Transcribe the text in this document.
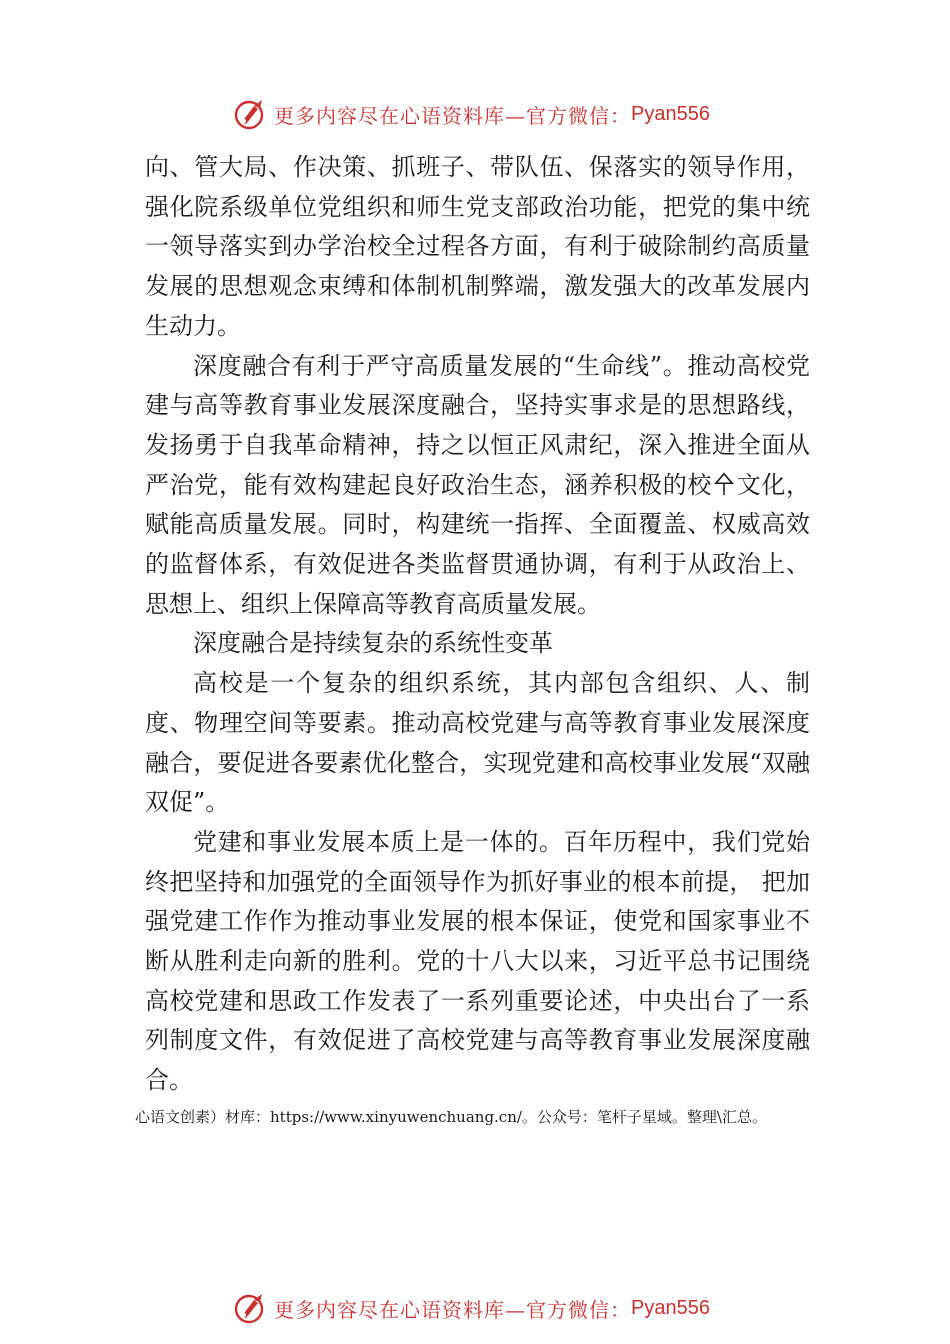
更多内容尽在心语资料库—官方微信： Pyan556

向、管大局、作决策、抓班子、带队伍、保落实的领导作用，强化院系级单位党组织和师生党支部政治功能，把党的集中统一领导落实到办学治校全过程各方面，有利于破除制约高质量发展的思想观念束缚和体制机制弊端，激发强大的改革发展内生动力。

深度融合有利于严守高质量发展的“生命线”。推动高校党建与高等教育事业发展深度融合，坚持实事求是的思想路线，发扬勇于自我革命精神，持之以恒正风肃纪，深入推进全面从严治党，能有效构建起良好政治生态，涵养积极的校㐃文化，赋能高质量发展。同时，构建统一指挥、全面覆盖、权威高效的监督体系，有效促进各类监督贯通协调，有利于从政治上、思想上、组织上保障高等教育高质量发展。

深度融合是持续复杂的系统性变革

高校是一个复杂的组织系统，其内部包含组织、人、制度、物理空间等要素。推动高校党建与高等教育事业发展深度融合，要促进各要素优化整合，实现党建和高校事业发展“双融双促”。

党建和事业发展本质上是一体的。百年历程中，我们党始终把坚持和加强党的全面领导作为抓好事业的根本前提， 把加强党建工作作为推动事业发展的根本保证，使党和国家事业不断从胜利走向新的胜利。党的十八大以来，习近平总书记围绕高校党建和思政工作发表了一系列重要论述，中央出台了一系列制度文件，有效促进了高校党建与高等教育事业发展深度融合。

心语文创素）材库：https://www.xinyuwenchuang.cn/。公众号：笔杆子星域。整理\汇总。
更多内容尽在心语资料库—官方微信： Pyan556
